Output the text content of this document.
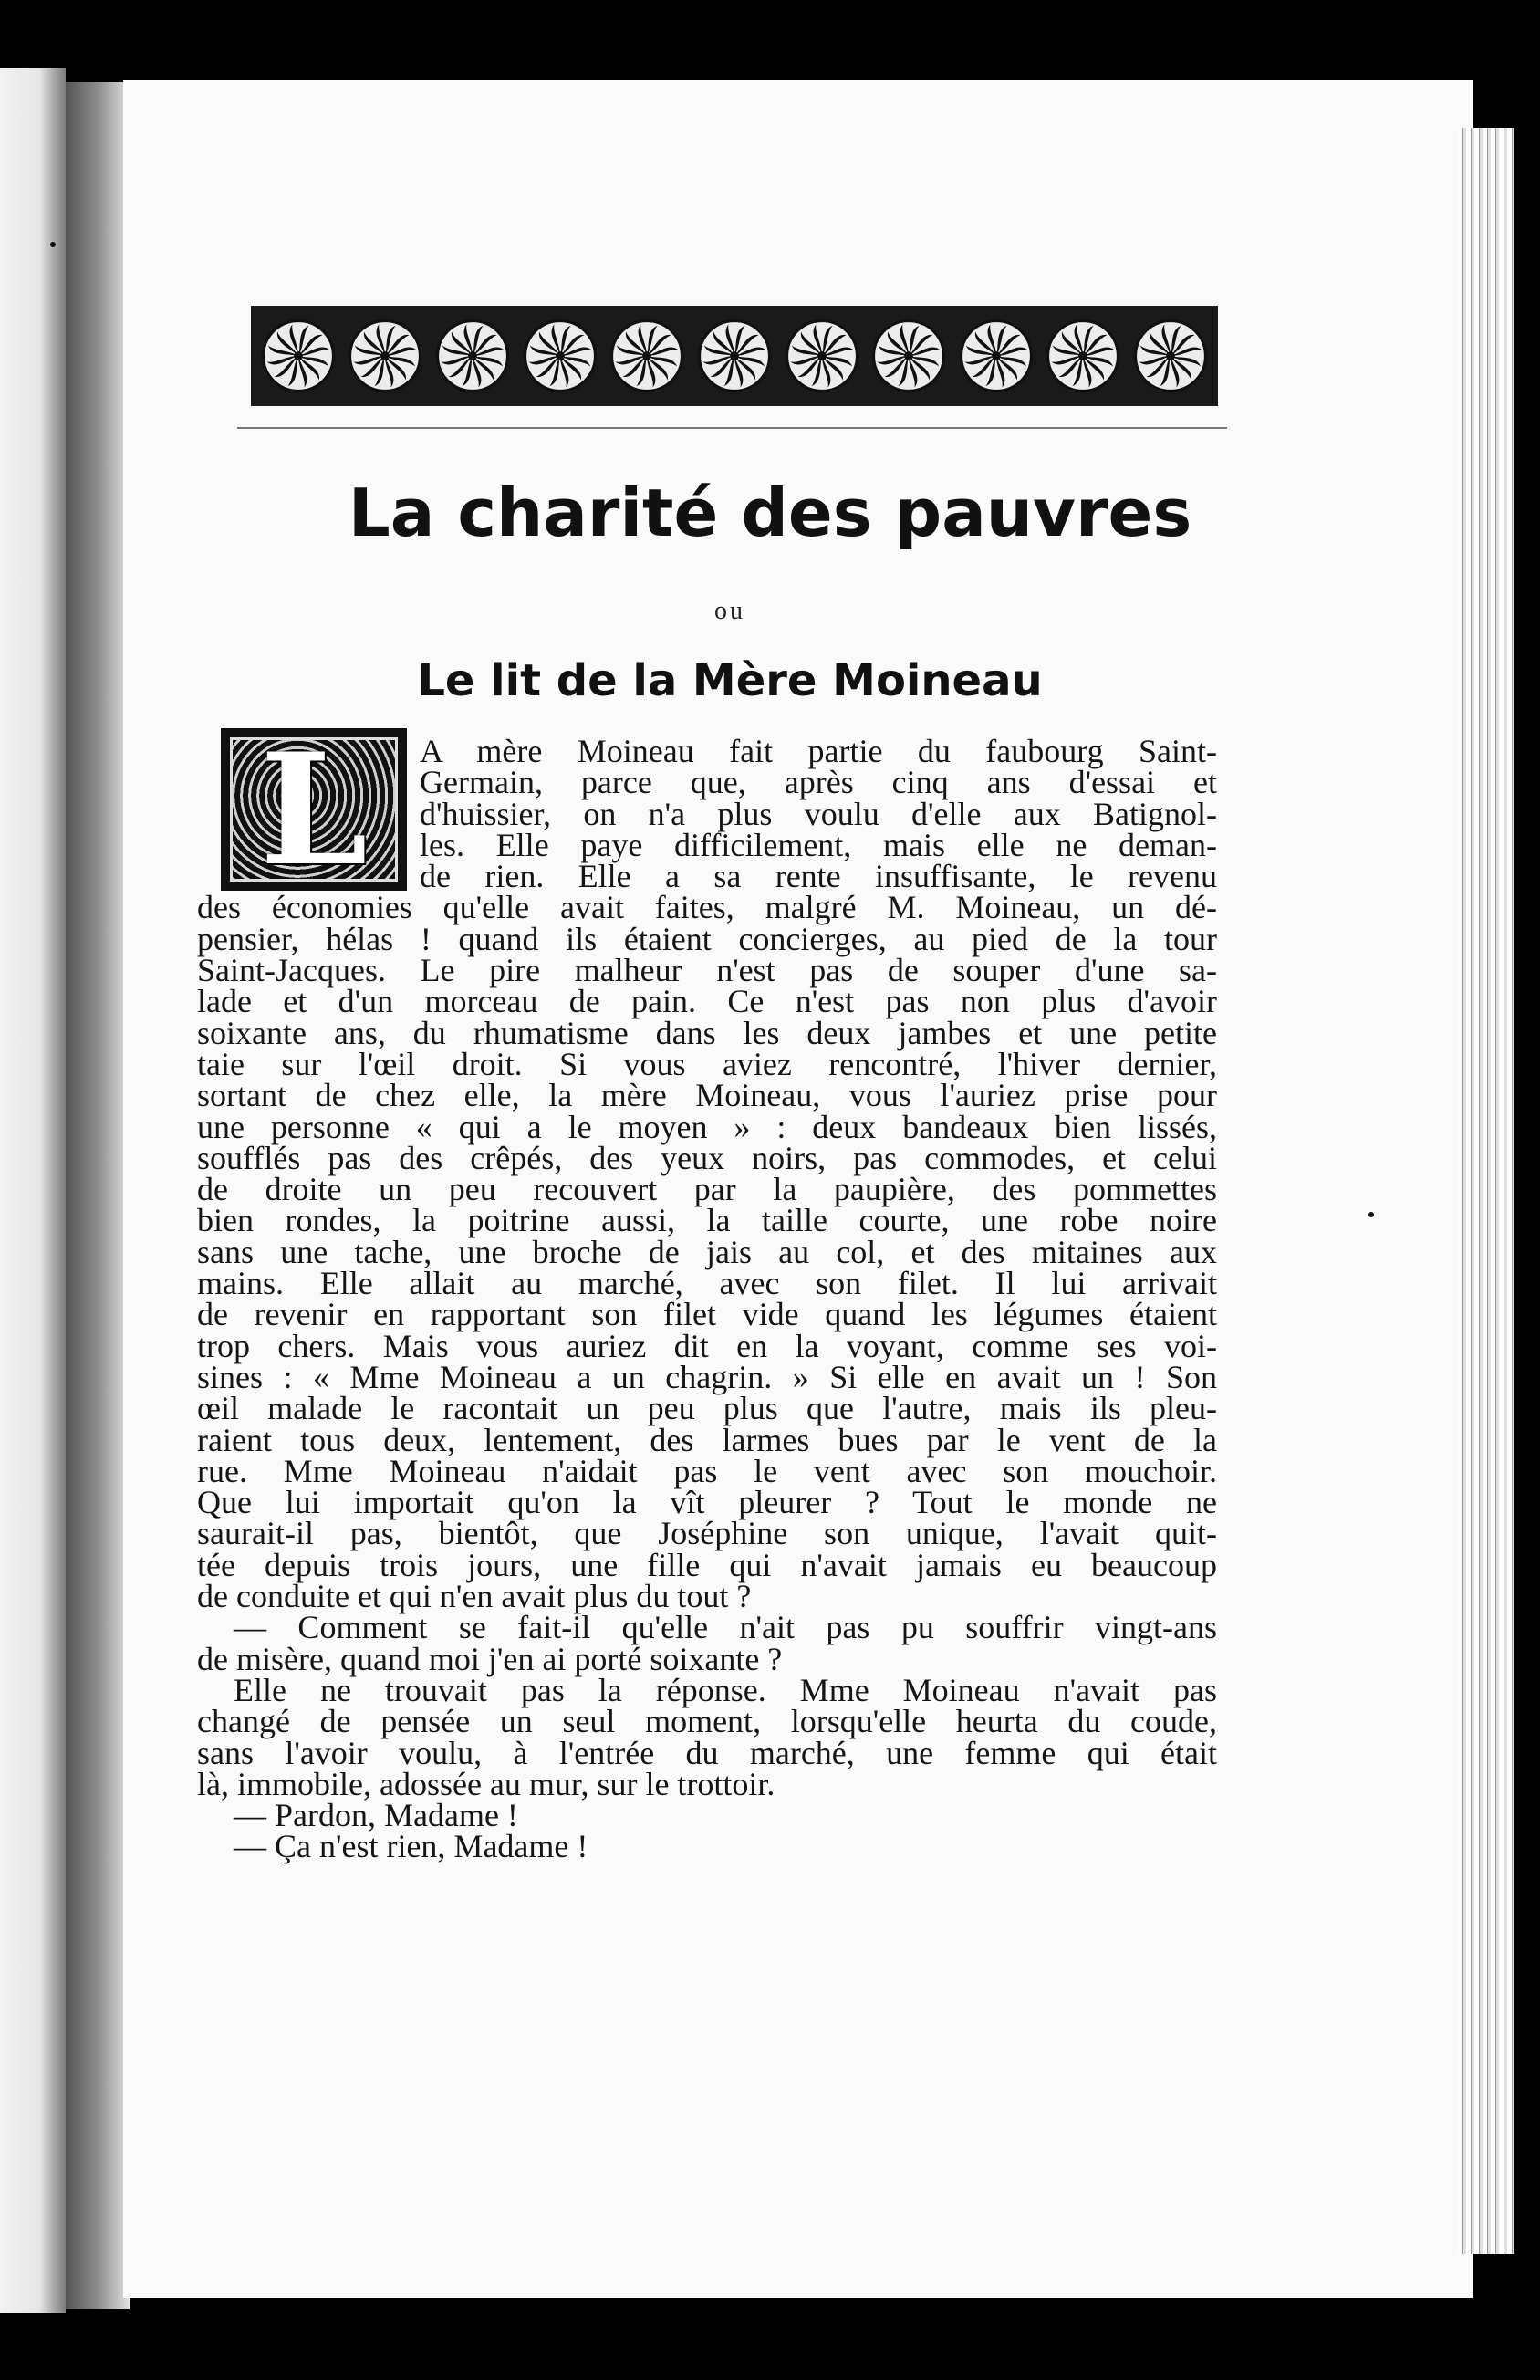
La charité des pauvres
ou
Le lit de la Mère Moineau
L	A mère Moineau fait partie du faubourg Saint-
Germain, parce que, après cinq ans d'essai et
d'huissier, on n'a plus voulu d'elle aux Batignol-
les. Elle paye difficilement, mais elle ne deman-
de rien. Elle a sa rente insuffisante, le revenu
des économies qu'elle avait faites, malgré M. Moineau, un dé-
pensier, hélas ! quand ils étaient concierges, au pied de la tour
Saint-Jacques. Le pire malheur n'est pas de souper d'une sa-
lade et d'un morceau de pain. Ce n'est pas non plus d'avoir
soixante ans, du rhumatisme dans les deux jambes et une petite
taie sur l'œil droit. Si vous aviez rencontré, l'hiver dernier,
sortant de chez elle, la mère Moineau, vous l'auriez prise pour
une personne « qui a le moyen » : deux bandeaux bien lissés,
soufflés pas des crêpés, des yeux noirs, pas commodes, et celui
de droite un peu recouvert par la paupière, des pommettes
bien rondes, la poitrine aussi, la taille courte, une robe noire
sans une tache, une broche de jais au col, et des mitaines aux
mains. Elle allait au marché, avec son filet. Il lui arrivait
de revenir en rapportant son filet vide quand les légumes étaient
trop chers. Mais vous auriez dit en la voyant, comme ses voi-
sines : « Mme Moineau a un chagrin. » Si elle en avait un ! Son
œil malade le racontait un peu plus que l'autre, mais ils pleu-
raient tous deux, lentement, des larmes bues par le vent de la
rue. Mme Moineau n'aidait pas le vent avec son mouchoir.
Que lui importait qu'on la vît pleurer ? Tout le monde ne
saurait-il pas, bientôt, que Joséphine son unique, l'avait quit-
tée depuis trois jours, une fille qui n'avait jamais eu beaucoup
de conduite et qui n'en avait plus du tout ?
— Comment se fait-il qu'elle n'ait pas pu souffrir vingt-ans
de misère, quand moi j'en ai porté soixante ?
Elle ne trouvait pas la réponse. Mme Moineau n'avait pas
changé de pensée un seul moment, lorsqu'elle heurta du coude,
sans l'avoir voulu, à l'entrée du marché, une femme qui était
là, immobile, adossée au mur, sur le trottoir.
— Pardon, Madame !
— Ça n'est rien, Madame !
